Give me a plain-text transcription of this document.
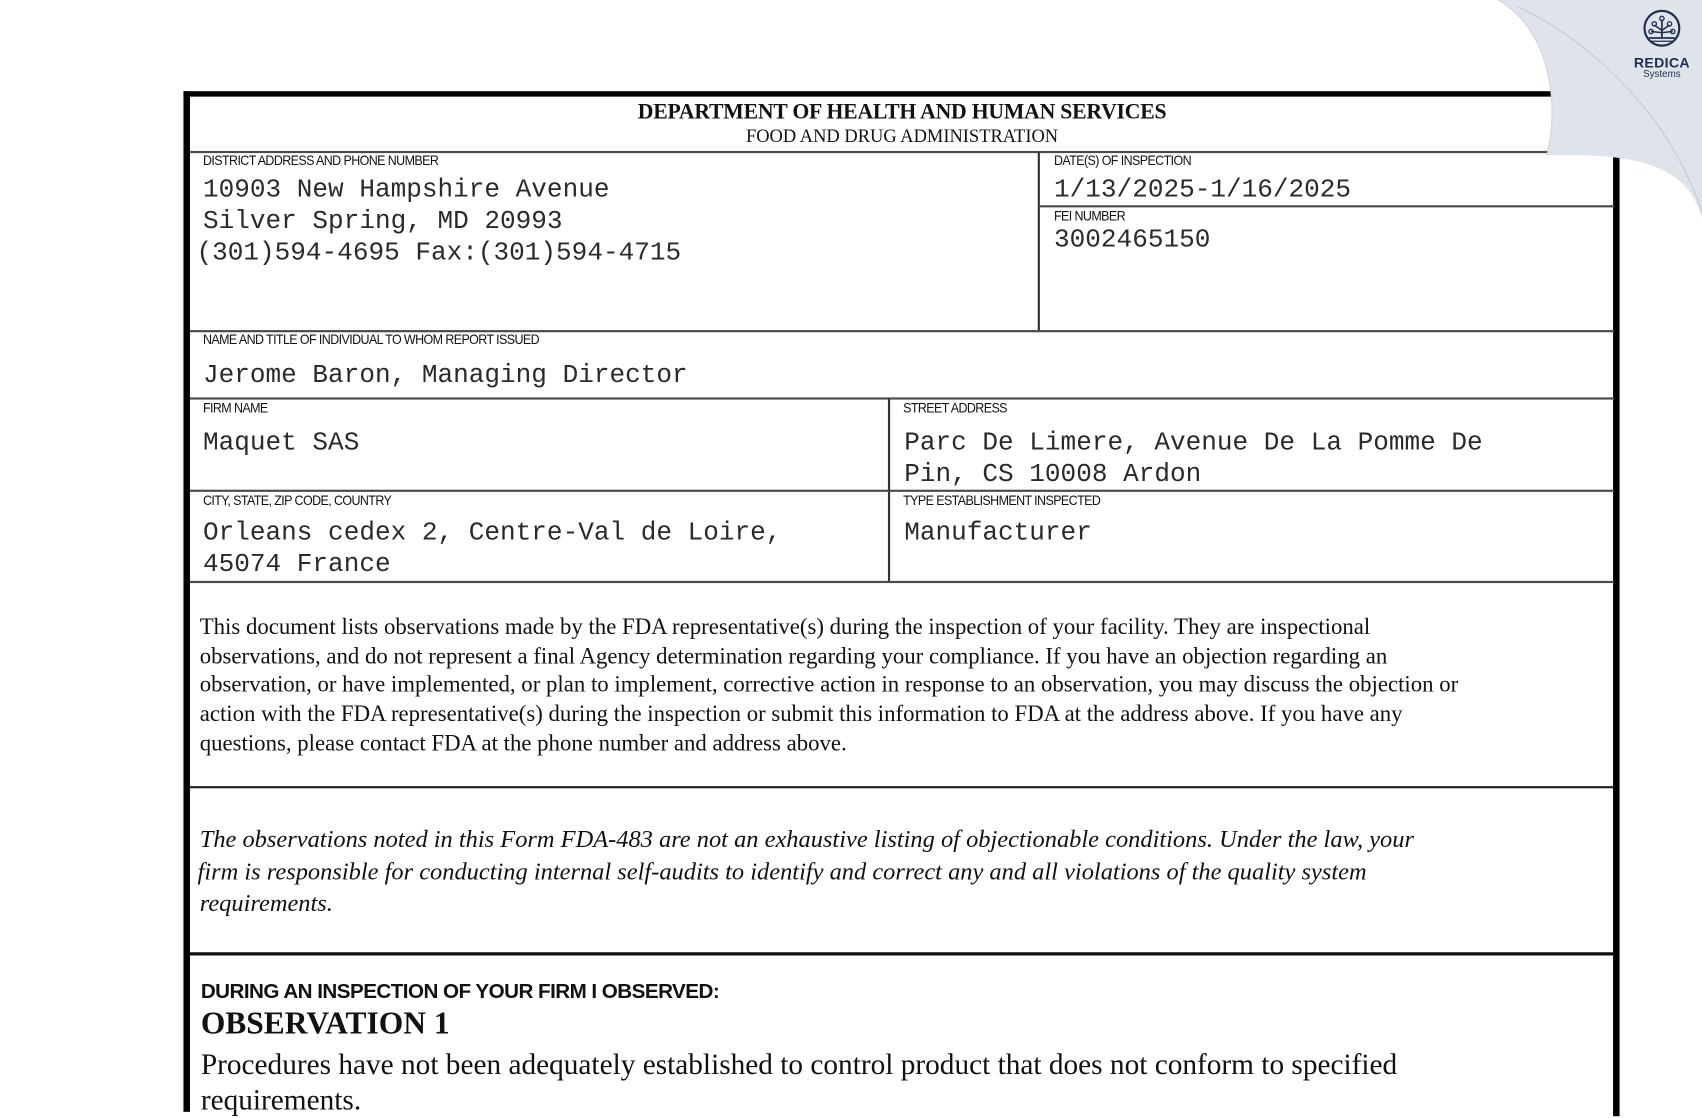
DEPARTMENT OF HEALTH AND HUMAN SERVICES
FOOD AND DRUG ADMINISTRATION
DISTRICT ADDRESS AND PHONE NUMBER
10903 New Hampshire Avenue
Silver Spring, MD 20993
(301)594-4695 Fax:(301)594-4715
DATE(S) OF INSPECTION
1/13/2025-1/16/2025
FEI NUMBER
3002465150
NAME AND TITLE OF INDIVIDUAL TO WHOM REPORT ISSUED
Jerome Baron, Managing Director
FIRM NAME
Maquet SAS
STREET ADDRESS
Parc De Limere, Avenue De La Pomme De
Pin, CS 10008 Ardon
CITY, STATE, ZIP CODE, COUNTRY
Orleans cedex 2, Centre-Val de Loire,
45074 France
TYPE ESTABLISHMENT INSPECTED
Manufacturer
This document lists observations made by the FDA representative(s) during the inspection of your facility. They are inspectional
observations, and do not represent a final Agency determination regarding your compliance. If you have an objection regarding an
observation, or have implemented, or plan to implement, corrective action in response to an observation, you may discuss the objection or
action with the FDA representative(s) during the inspection or submit this information to FDA at the address above. If you have any
questions, please contact FDA at the phone number and address above.
The observations noted in this Form FDA-483 are not an exhaustive listing of objectionable conditions. Under the law, your
firm is responsible for conducting internal self-audits to identify and correct any and all violations of the quality system
requirements.
DURING AN INSPECTION OF YOUR FIRM I OBSERVED:
OBSERVATION 1
Procedures have not been adequately established to control product that does not conform to specified
requirements.
REDICA
Systems
